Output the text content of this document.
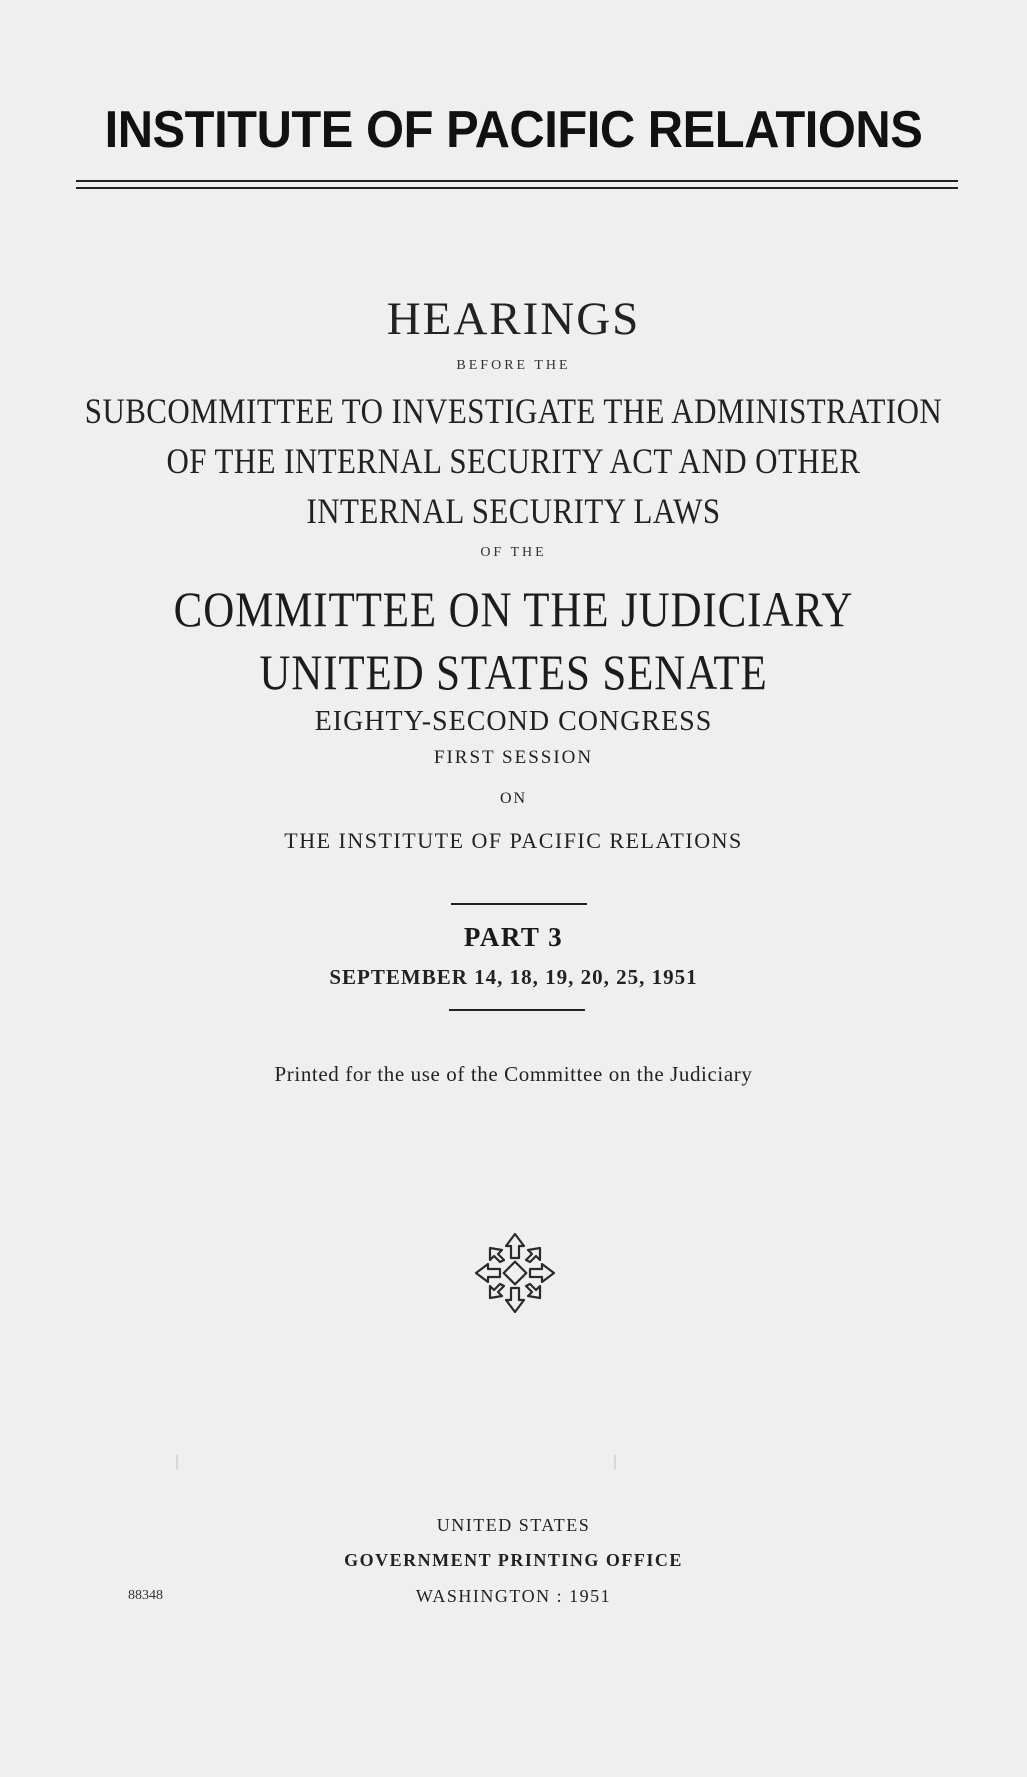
INSTITUTE OF PACIFIC RELATIONS
HEARINGS
BEFORE THE
SUBCOMMITTEE TO INVESTIGATE THE ADMINISTRATION
OF THE INTERNAL SECURITY ACT AND OTHER
INTERNAL SECURITY LAWS
OF THE
COMMITTEE ON THE JUDICIARY
UNITED STATES SENATE
EIGHTY-SECOND CONGRESS
FIRST SESSION
ON
THE INSTITUTE OF PACIFIC RELATIONS
PART 3
SEPTEMBER 14, 18, 19, 20, 25, 1951
Printed for the use of the Committee on the Judiciary
UNITED STATES
GOVERNMENT PRINTING OFFICE
WASHINGTON : 1951
88348
